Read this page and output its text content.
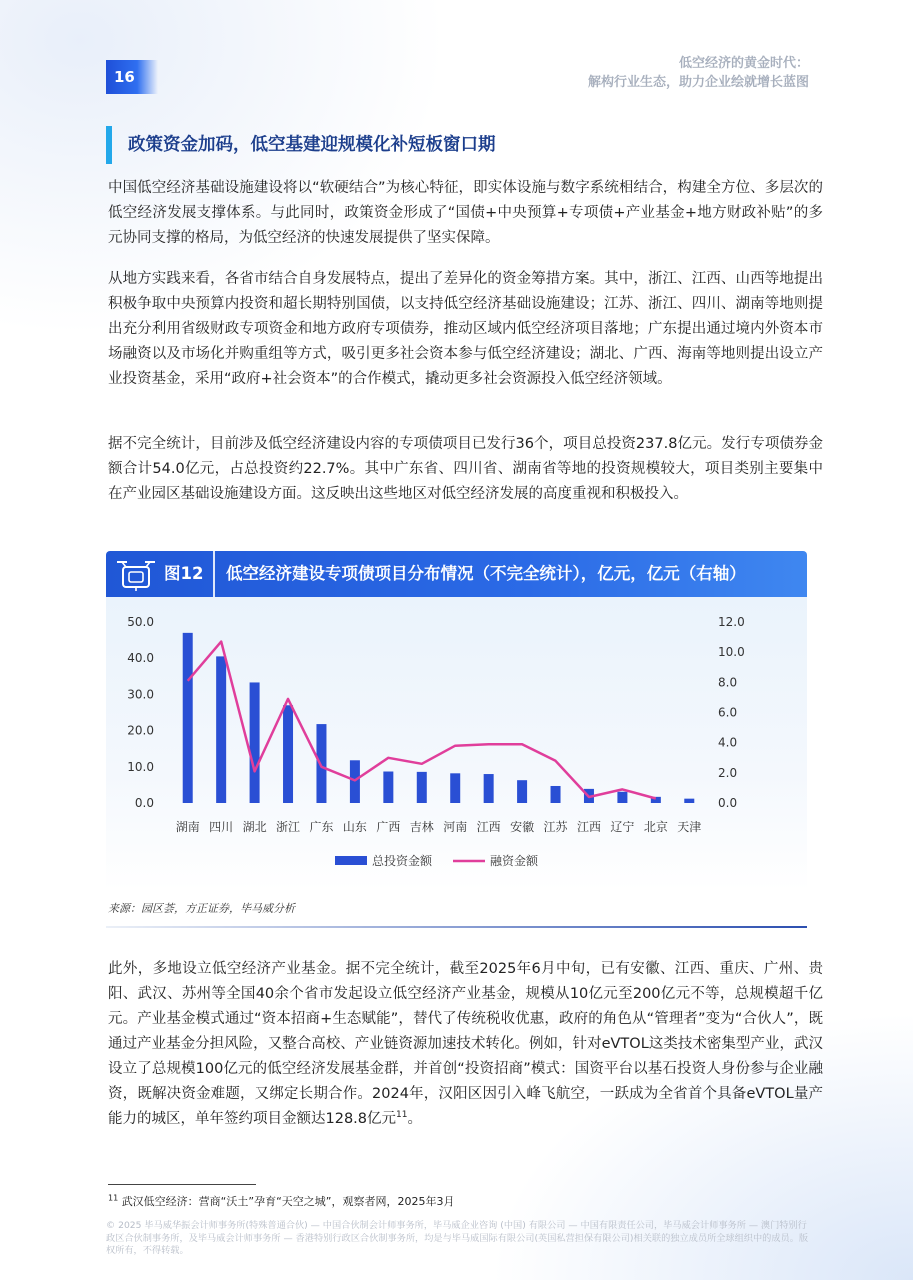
16
低空经济的黄金时代：
解构行业生态，助力企业绘就增长蓝图
政策资金加码，低空基建迎规模化补短板窗口期

中国低空经济基础设施建设将以“软硬结合”为核心特征，即实体设施与数字系统相结合，构建全方位、多层次的低空经济发展支撑体系。与此同时，政策资金形成了“国债+中央预算+专项债+产业基金+地方财政补贴”的多元协同支撑的格局，为低空经济的快速发展提供了坚实保障。

从地方实践来看，各省市结合自身发展特点，提出了差异化的资金筹措方案。其中，浙江、江西、山西等地提出积极争取中央预算内投资和超长期特别国债，以支持低空经济基础设施建设；江苏、浙江、四川、湖南等地则提出充分利用省级财政专项资金和地方政府专项债券，推动区域内低空经济项目落地；广东提出通过境内外资本市场融资以及市场化并购重组等方式，吸引更多社会资本参与低空经济建设；湖北、广西、海南等地则提出设立产业投资基金，采用“政府+社会资本”的合作模式，撬动更多社会资源投入低空经济领域。

据不完全统计，目前涉及低空经济建设内容的专项债项目已发行36个，项目总投资237.8亿元。发行专项债券金额合计54.0亿元，占总投资约22.7%。其中广东省、四川省、湖南省等地的投资规模较大，项目类别主要集中在产业园区基础设施建设方面。这反映出这些地区对低空经济发展的高度重视和积极投入。

图12	低空经济建设专项债项目分布情况（不完全统计），亿元，亿元（右轴）
0.0
10.0
20.0
30.0
40.0
50.0
0.0
2.0
4.0
6.0
8.0
10.0
12.0
湖南 四川 湖北 浙江 广东 山东 广西 吉林 河南 江西 安徽 江苏 江西 辽宁 北京 天津
总投资金额	融资金额
来源：园区荟，方正证券，毕马威分析

此外，多地设立低空经济产业基金。据不完全统计，截至2025年6月中旬，已有安徽、江西、重庆、广州、贵阳、武汉、苏州等全国40余个省市发起设立低空经济产业基金，规模从10亿元至200亿元不等，总规模超千亿元。产业基金模式通过“资本招商+生态赋能”，替代了传统税收优惠，政府的角色从“管理者”变为“合伙人”，既通过产业基金分担风险，又整合高校、产业链资源加速技术转化。例如，针对eVTOL这类技术密集型产业，武汉设立了总规模100亿元的低空经济发展基金群，并首创“投资招商”模式：国资平台以基石投资人身份参与企业融资，既解决资金难题，又绑定长期合作。2024年，汉阳区因引入峰飞航空，一跃成为全省首个具备eVTOL量产能力的城区，单年签约项目金额达128.8亿元$^{11}$。

$^{11}$ 武汉低空经济：营商“沃土”孕育“天空之城”，观察者网，2025年3月
© 2025 毕马威华振会计师事务所(特殊普通合伙) — 中国合伙制会计师事务所，毕马威企业咨询 (中国) 有限公司 — 中国有限责任公司，毕马威会计师事务所 — 澳门特别行政区合伙制事务所，及毕马威会计师事务所 — 香港特别行政区合伙制事务所，均是与毕马威国际有限公司(英国私营担保有限公司)相关联的独立成员所全球组织中的成员。版权所有，不得转载。
